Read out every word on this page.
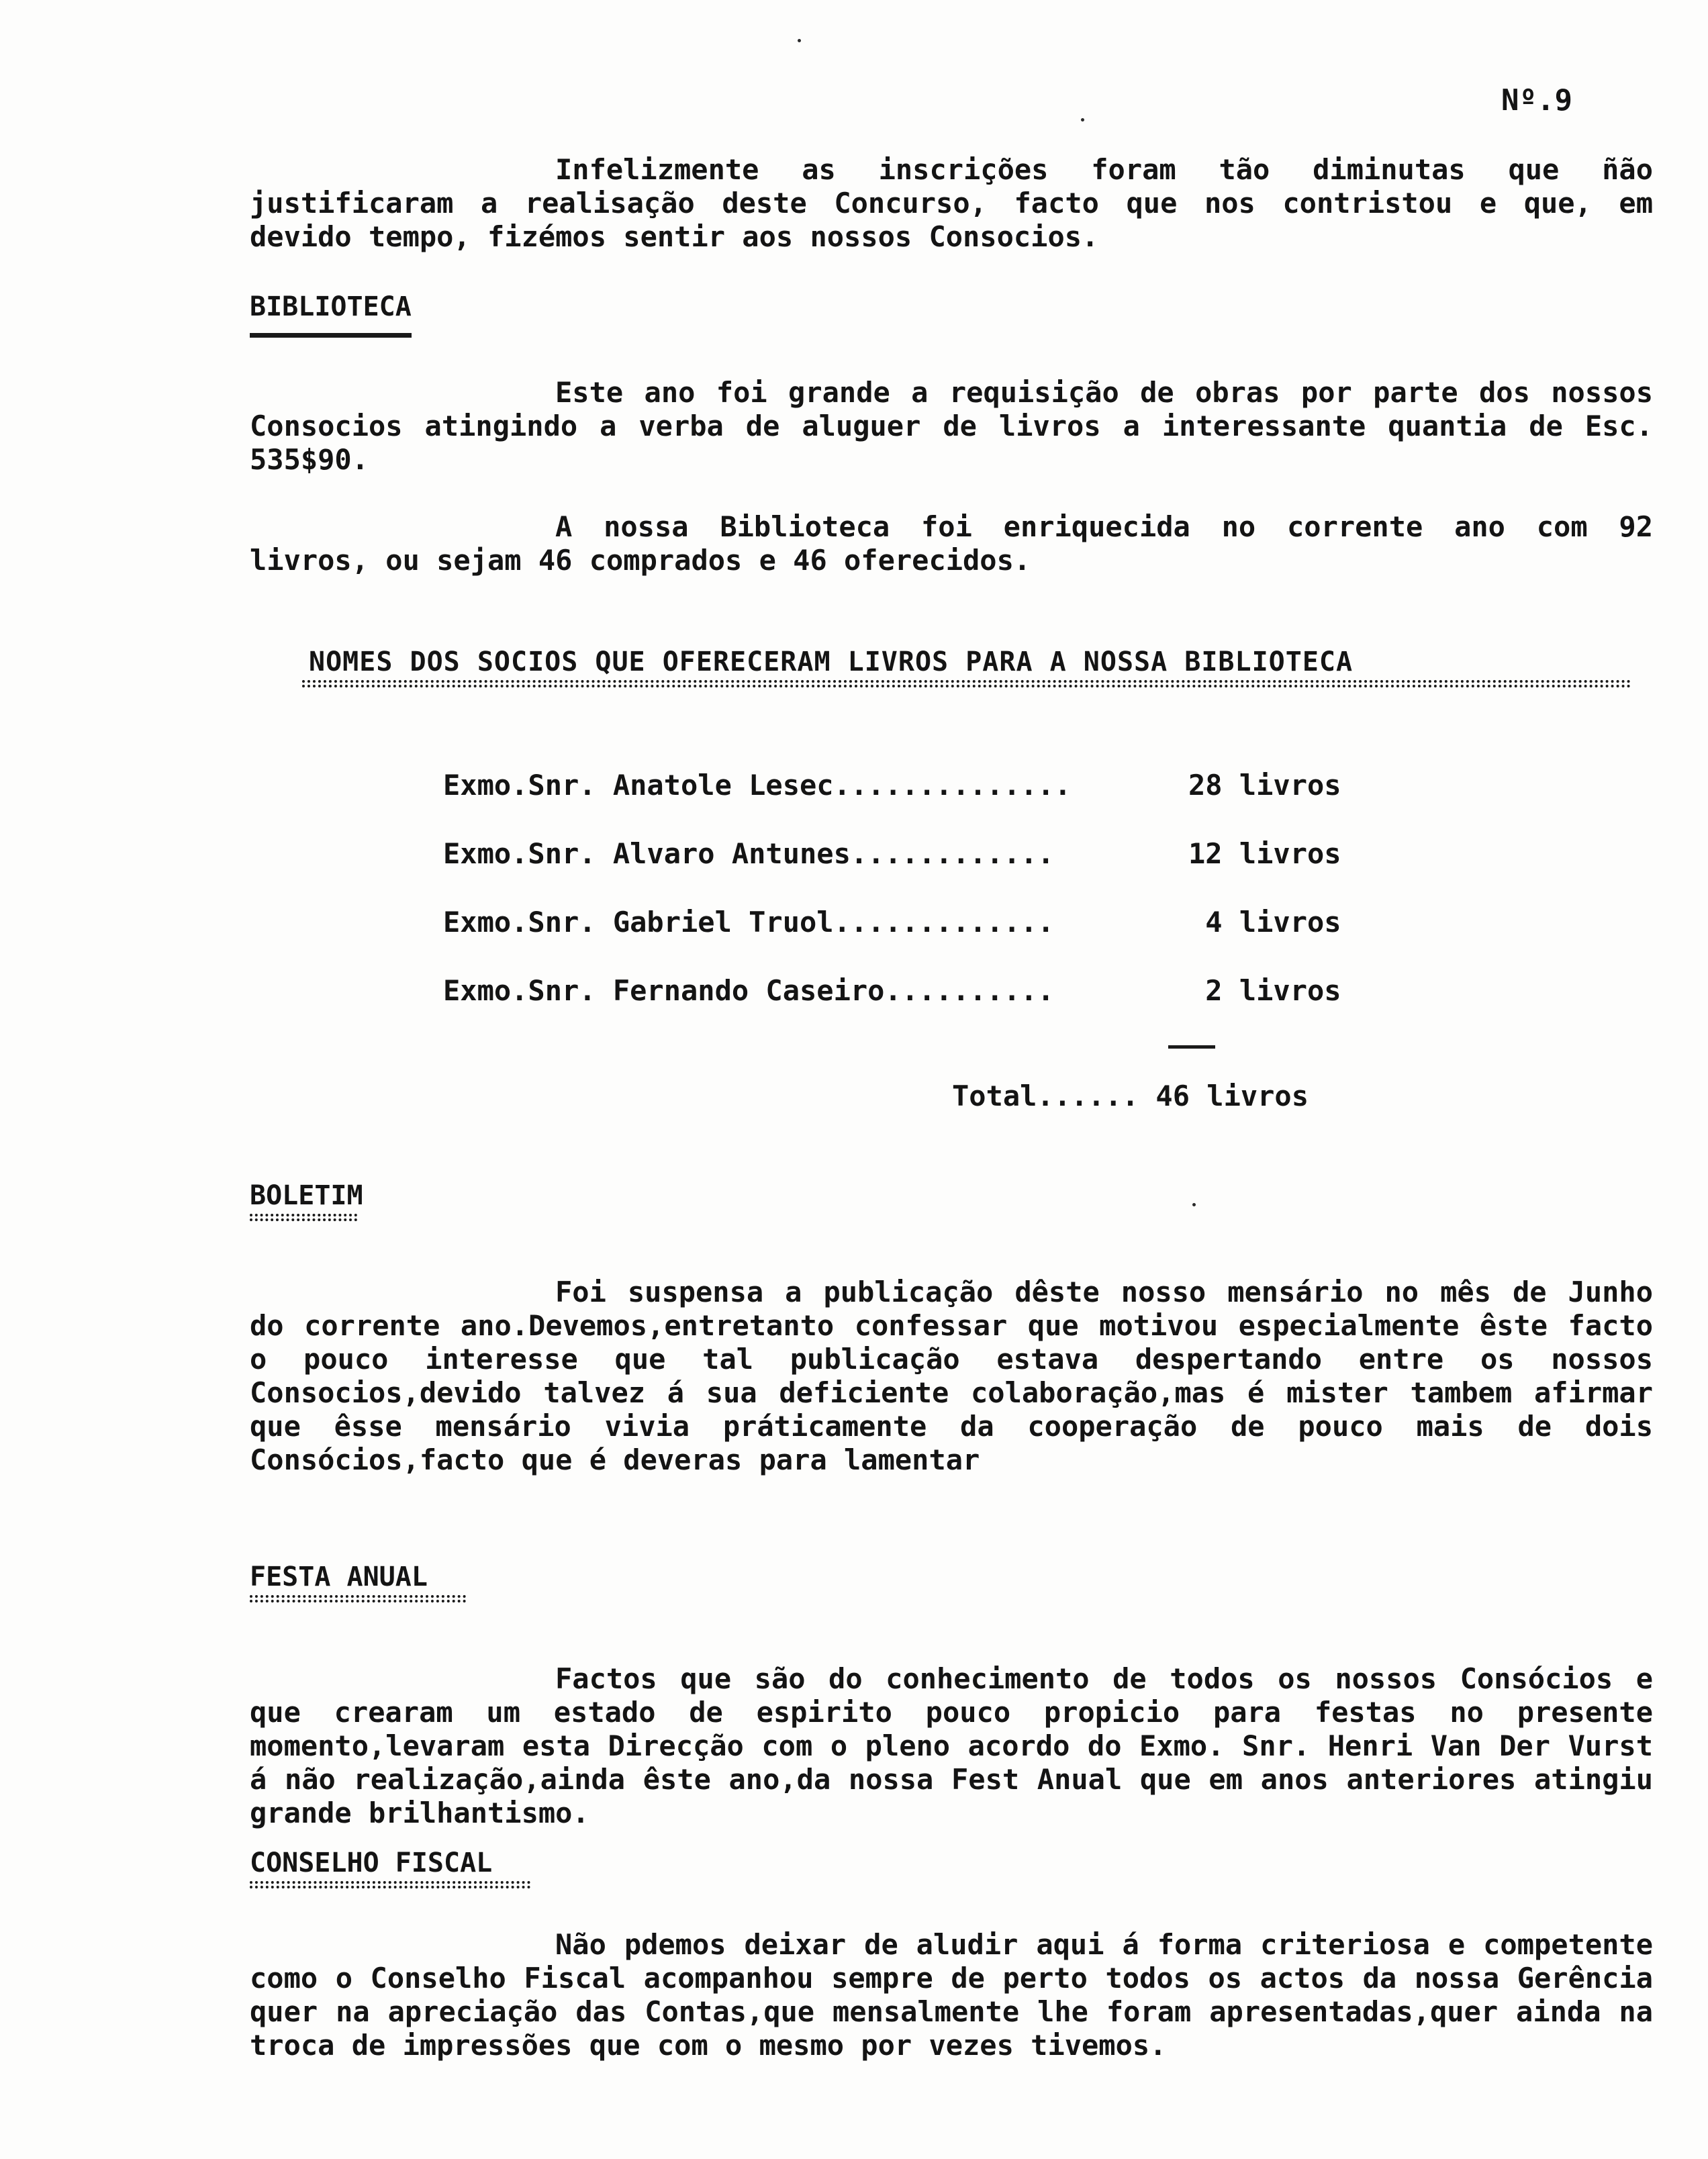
Nº.9

Infelizmente as inscrições foram tão diminutas que ñão justificaram a realisação deste Concurso, facto que nos contristou e que, em devido tempo, fizémos sentir aos nossos Consocios.

BIBLIOTECA

Este ano foi grande a requisição de obras por parte dos nossos Consocios atingindo a verba de aluguer de livros a interessante quantia de Esc. 535$90.

A nossa Biblioteca foi enriquecida no corrente ano com 92 livros, ou sejam 46 comprados e 46 oferecidos.

NOMES DOS SOCIOS QUE OFERECERAM LIVROS PARA A NOSSA BIBLIOTECA
Exmo.Snr. Anatole Lesec..............	28 livros
Exmo.Snr. Alvaro Antunes............	12 livros
Exmo.Snr. Gabriel Truol.............	4 livros
Exmo.Snr. Fernando Caseiro..........	2 livros
Total...... 46 livros
BOLETIM

Foi suspensa a publicação dêste nosso mensário no mês de Junho do corrente ano.Devemos,entretanto confessar que motivou especialmente êste facto o pouco interesse que tal publicação estava despertando entre os nossos Consocios,devido talvez á sua deficiente colaboração,mas é mister tambem afirmar que êsse mensário vivia práticamente da cooperação de pouco mais de dois Consócios,facto que é deveras para lamentar

FESTA ANUAL

Factos que são do conhecimento de todos os nossos Consócios e que crearam um estado de espirito pouco propicio para festas no presente momento,levaram esta Direcção com o pleno acordo do Exmo. Snr. Henri Van Der Vurst á não realização,ainda êste ano,da nossa Fest Anual que em anos anteriores atingiu grande brilhantismo.

CONSELHO FISCAL

Não pdemos deixar de aludir aqui á forma criteriosa e competente como o Conselho Fiscal acompanhou sempre de perto todos os actos da nossa Gerência quer na apreciação das Contas,que mensalmente lhe foram apresentadas,quer ainda na troca de impressões que com o mesmo por vezes tivemos.
